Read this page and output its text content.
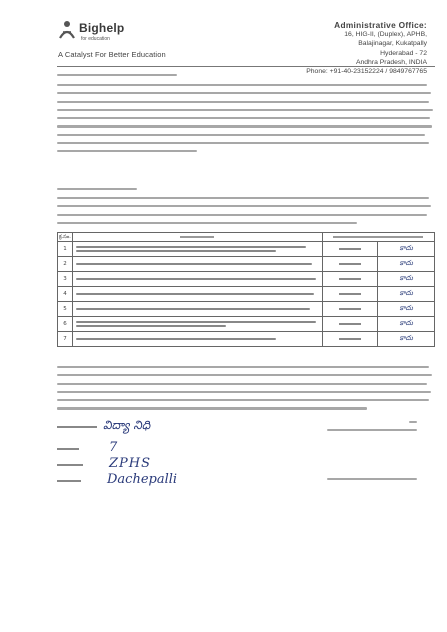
Bighelp
for education
A Catalyst For Better Education
Administrative Office:
16, HIG-II, (Duplex), APHB,
Balajinagar, Kukatpally
Hyderabad - 72
Andhra Pradesh, INDIA
Phone: +91-40-23152224 / 9849767765
క్ర.సం.			
1			కాదు
2			కాదు
3			కాదు
4			కాదు
5			కాదు
6			కాదు
7			కాదు
విద్యా నిధి
7
ZPHS
Dachepalli
